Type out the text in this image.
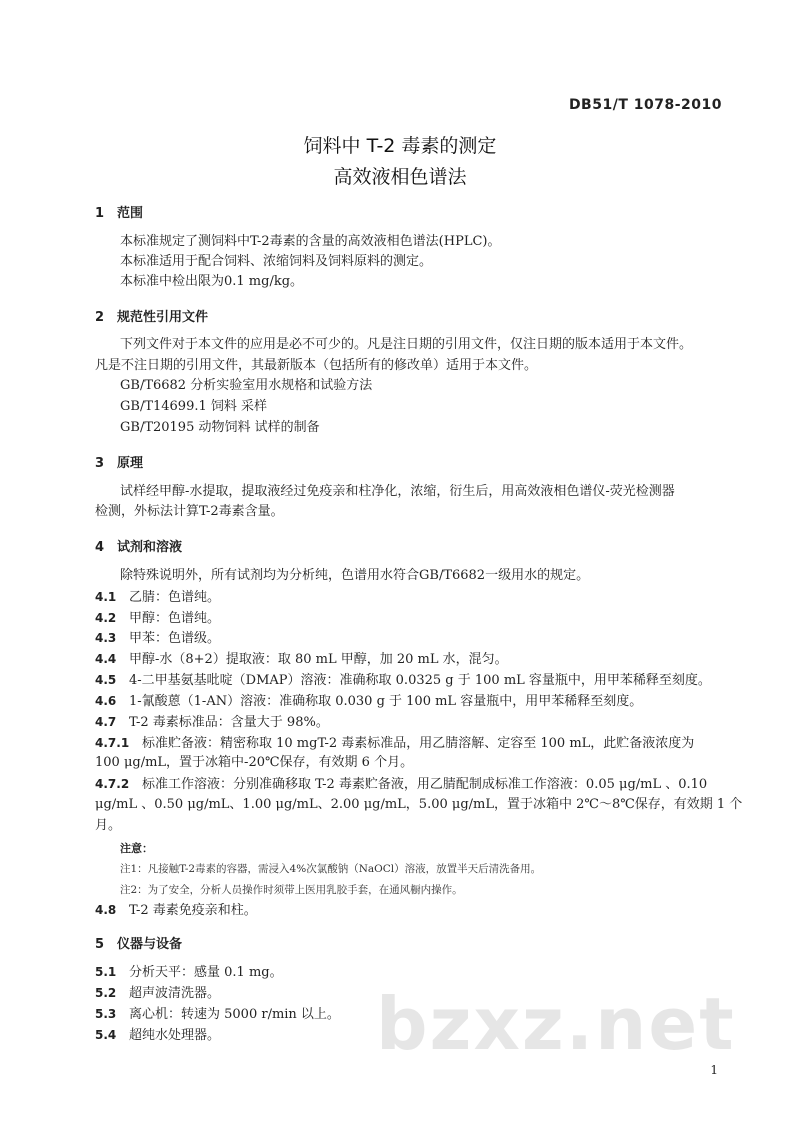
DB51/T 1078-2010
饲料中 T-2 毒素的测定
高效液相色谱法
1 范围
本标准规定了测饲料中T-2毒素的含量的高效液相色谱法(HPLC)。
本标准适用于配合饲料、浓缩饲料及饲料原料的测定。
本标准中检出限为0.1 mg/kg。
2 规范性引用文件
下列文件对于本文件的应用是必不可少的。凡是注日期的引用文件，仅注日期的版本适用于本文件。
凡是不注日期的引用文件，其最新版本（包括所有的修改单）适用于本文件。
GB/T6682 分析实验室用水规格和试验方法
GB/T14699.1 饲料 采样
GB/T20195 动物饲料 试样的制备
3 原理
试样经甲醇-水提取，提取液经过免疫亲和柱净化，浓缩，衍生后，用高效液相色谱仪-荧光检测器
检测，外标法计算T-2毒素含量。
4 试剂和溶液
除特殊说明外，所有试剂均为分析纯，色谱用水符合GB/T6682一级用水的规定。
4.1 乙腈：色谱纯。
4.2 甲醇：色谱纯。
4.3 甲苯：色谱级。
4.4 甲醇-水（8+2）提取液：取 80 mL 甲醇，加 20 mL 水，混匀。
4.5 4-二甲基氨基吡啶（DMAP）溶液：准确称取 0.0325 g 于 100 mL 容量瓶中，用甲苯稀释至刻度。
4.6 1-氰酸蒽（1-AN）溶液：准确称取 0.030 g 于 100 mL 容量瓶中，用甲苯稀释至刻度。
4.7 T-2 毒素标准品：含量大于 98%。
4.7.1 标准贮备液：精密称取 10 mgT-2 毒素标准品，用乙腈溶解、定容至 100 mL，此贮备液浓度为
100 μg/mL，置于冰箱中-20℃保存，有效期 6 个月。
4.7.2 标准工作溶液：分别准确移取 T-2 毒素贮备液，用乙腈配制成标准工作溶液：0.05 μg/mL 、0.10
μg/mL 、0.50 μg/mL、1.00 μg/mL、2.00 μg/mL，5.00 μg/mL，置于冰箱中 2℃～8℃保存，有效期 1 个
月。
注意：
注1：凡接触T-2毒素的容器，需浸入4%次氯酸钠（NaOCl）溶液，放置半天后清洗备用。
注2：为了安全，分析人员操作时须带上医用乳胶手套，在通风橱内操作。
4.8 T-2 毒素免疫亲和柱。
5 仪器与设备
5.1 分析天平：感量 0.1 mg。
5.2 超声波清洗器。
5.3 离心机：转速为 5000 r/min 以上。
5.4 超纯水处理器。 bzxz.net
1
